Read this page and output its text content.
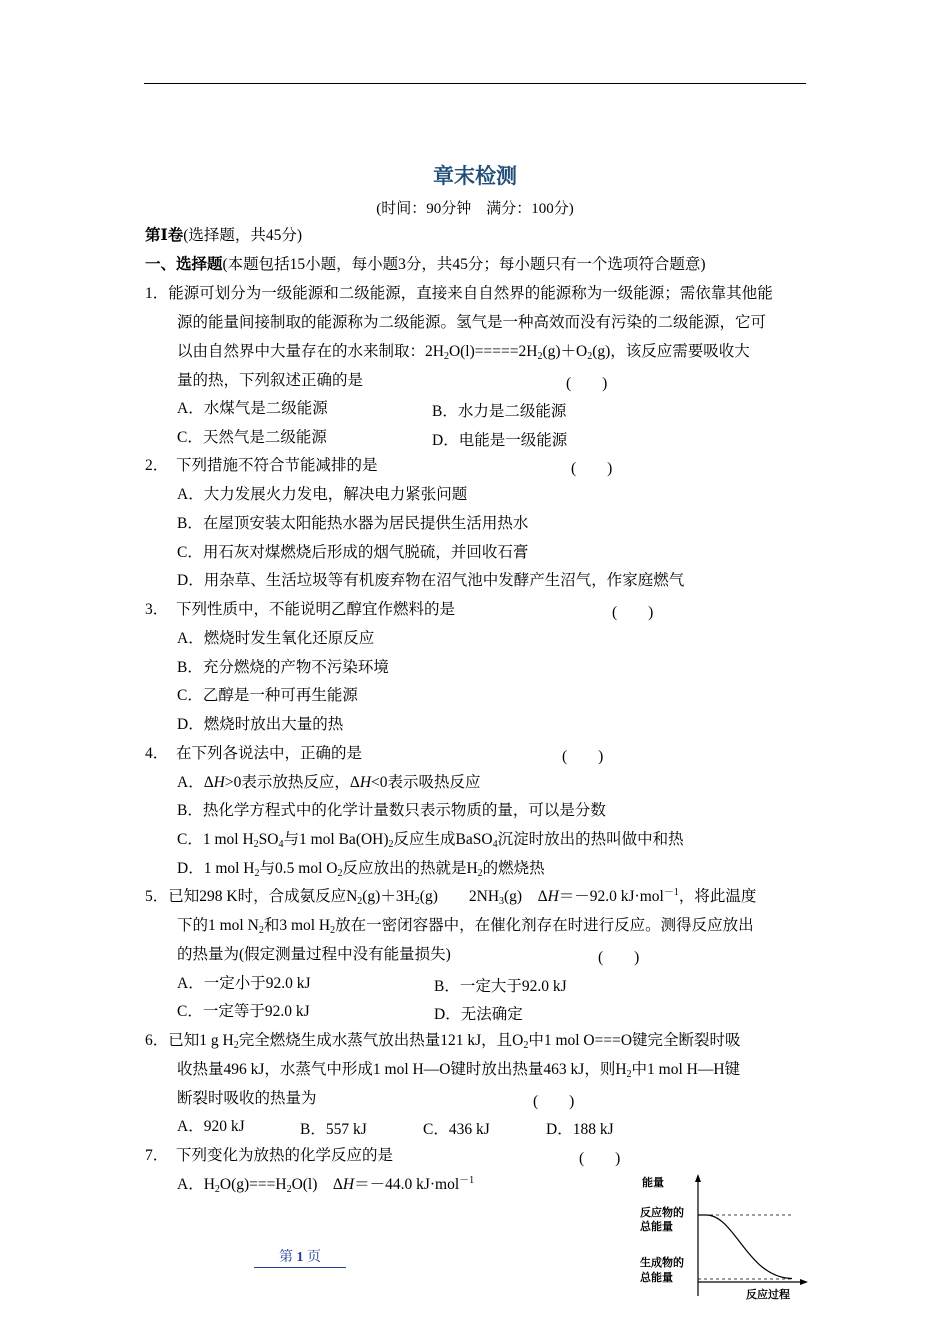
章末检测
(时间：90分钟　满分：100分)
第Ⅰ卷(选择题，共45分)
一、选择题(本题包括15小题，每小题3分，共45分；每小题只有一个选项符合题意)
1．能源可划分为一级能源和二级能源，直接来自自然界的能源称为一级能源；需依靠其他能
源的能量间接制取的能源称为二级能源。氢气是一种高效而没有污染的二级能源，它可
以由自然界中大量存在的水来制取：$2H_2O(l)=====2H_2(g)+O_2(g)$，该反应需要吸收大
量的热，下列叙述正确的是	(　　)
A．水煤气是二级能源	B．水力是二级能源
C．天然气是二级能源	D．电能是一级能源
2．　下列措施不符合节能减排的是	(　　)
A．大力发展火力发电，解决电力紧张问题
B．在屋顶安装太阳能热水器为居民提供生活用热水
C．用石灰对煤燃烧后形成的烟气脱硫，并回收石膏
D．用杂草、生活垃圾等有机废弃物在沼气池中发酵产生沼气，作家庭燃气
3．　下列性质中，不能说明乙醇宜作燃料的是	(　　)
A．燃烧时发生氧化还原反应
B．充分燃烧的产物不污染环境
C．乙醇是一种可再生能源
D．燃烧时放出大量的热
4．　在下列各说法中，正确的是	(　　)
A．ΔH>0表示放热反应，ΔH<0表示吸热反应
B．热化学方程式中的化学计量数只表示物质的量，可以是分数
C．1 mol $H_2SO_4$与1 mol $Ba(OH)_2$反应生成BaSO$_4$沉淀时放出的热叫做中和热
D．1 mol $H_2$与0.5 mol $O_2$反应放出的热就是$H_2$的燃烧热
5．已知298 K时，合成氨反应$N_2(g)+3H_2(g)$　　$2NH_3(g)$　ΔH＝－92.0 kJ·mol$^{-1}$，将此温度
下的1 mol $N_2$和3 mol $H_2$放在一密闭容器中，在催化剂存在时进行反应。测得反应放出
的热量为(假定测量过程中没有能量损失)	(　　)
A．一定小于92.0 kJ	B．一定大于92.0 kJ
C．一定等于92.0 kJ	D．无法确定
6．已知1 g $H_2$完全燃烧生成水蒸气放出热量121 kJ，且$O_2$中1 mol O===O键完全断裂时吸
收热量496 kJ，水蒸气中形成1 mol H—O键时放出热量463 kJ，则$H_2$中1 mol H—H键
断裂时吸收的热量为	(　　)
A．920 kJ	B．557 kJ	C．436 kJ	D．188 kJ
7．　下列变化为放热的化学反应的是	(　　)
A．$H_2O(g)===H_2O(l)$　ΔH＝－44.0 kJ·mol$^{-1}$	能量
反应物的
总能量
生成物的
总能量
反应过程
第 1 页
